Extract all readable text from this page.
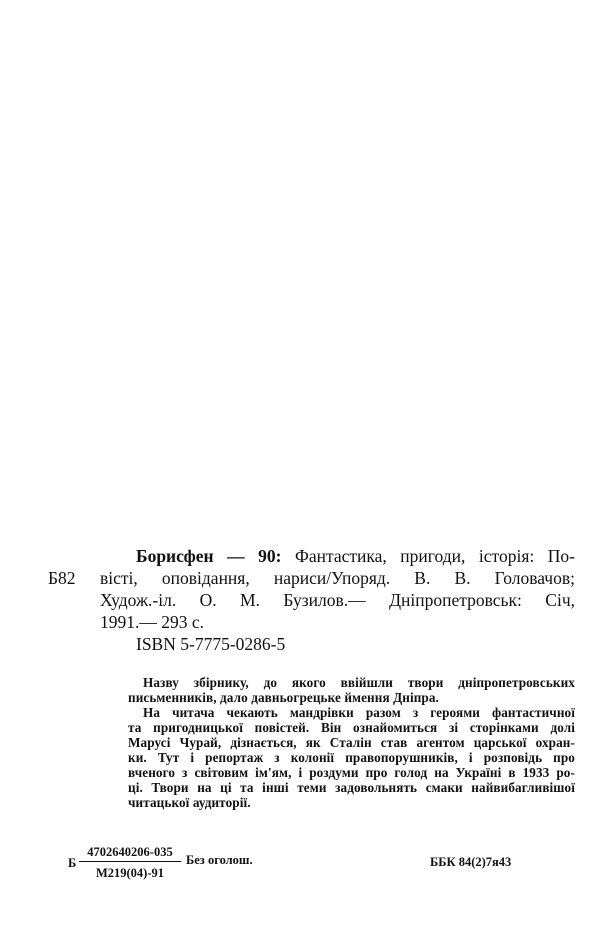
Б82
Борисфен — 90: Фантастика, пригоди, історія: По-
вісті, оповідання, нариси/Упоряд. В. В. Головачов;
Худож.-іл. О. М. Бузилов.— Дніпропетровськ: Січ,
1991.— 293 с.
ISBN 5-7775-0286-5
Назву збірнику, до якого ввійшли твори дніпропетровських
письменників, дало давньогрецьке ймення Дніпра.
На читача чекають мандрівки разом з героями фантастичної
та пригодницької повістей. Він ознайомиться зі сторінками долі
Марусі Чурай, дізнається, як Сталін став агентом царської охран-
ки. Тут і репортаж з колонії правопорушників, і розповідь про
вченого з світовим ім'ям, і роздуми про голод на Україні в 1933 ро-
ці. Твори на ці та інші теми задовольнять смаки найвибагливішої
читацької аудиторії.
Б
4702640206-035
М219(04)-91
Без оголош.	ББК 84(2)7я43
